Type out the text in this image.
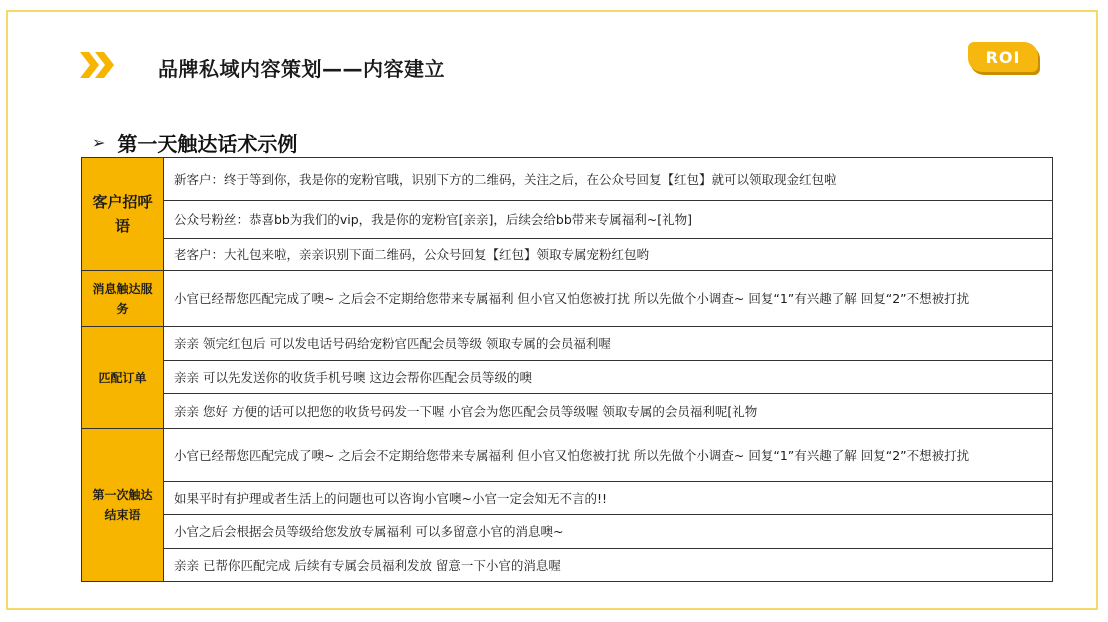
品牌私域内容策划——内容建立	ROI
➢ 第一天触达话术示例
客户招呼语	新客户：终于等到你，我是你的宠粉官哦，识别下方的二维码，关注之后，在公众号回复【红包】就可以领取现金红包啦
	公众号粉丝：恭喜bb为我们的vip，我是你的宠粉官[亲亲]，后续会给bb带来专属福利~[礼物]
	老客户：大礼包来啦，亲亲识别下面二维码，公众号回复【红包】领取专属宠粉红包哟
消息触达服务	小官已经帮您匹配完成了噢~ 之后会不定期给您带来专属福利 但小官又怕您被打扰 所以先做个小调查~ 回复“1”有兴趣了解 回复“2”不想被打扰
匹配订单	亲亲 领完红包后 可以发电话号码给宠粉官匹配会员等级 领取专属的会员福利喔
	亲亲 可以先发送你的收货手机号噢 这边会帮你匹配会员等级的噢
	亲亲 您好 方便的话可以把您的收货号码发一下喔 小官会为您匹配会员等级喔 领取专属的会员福利呢[礼物
第一次触达结束语	小官已经帮您匹配完成了噢~ 之后会不定期给您带来专属福利 但小官又怕您被打扰 所以先做个小调查~ 回复“1”有兴趣了解 回复“2”不想被打扰
	如果平时有护理或者生活上的问题也可以咨询小官噢~小官一定会知无不言的!!
	小官之后会根据会员等级给您发放专属福利 可以多留意小官的消息噢~
	亲亲 已帮你匹配完成 后续有专属会员福利发放 留意一下小官的消息喔
